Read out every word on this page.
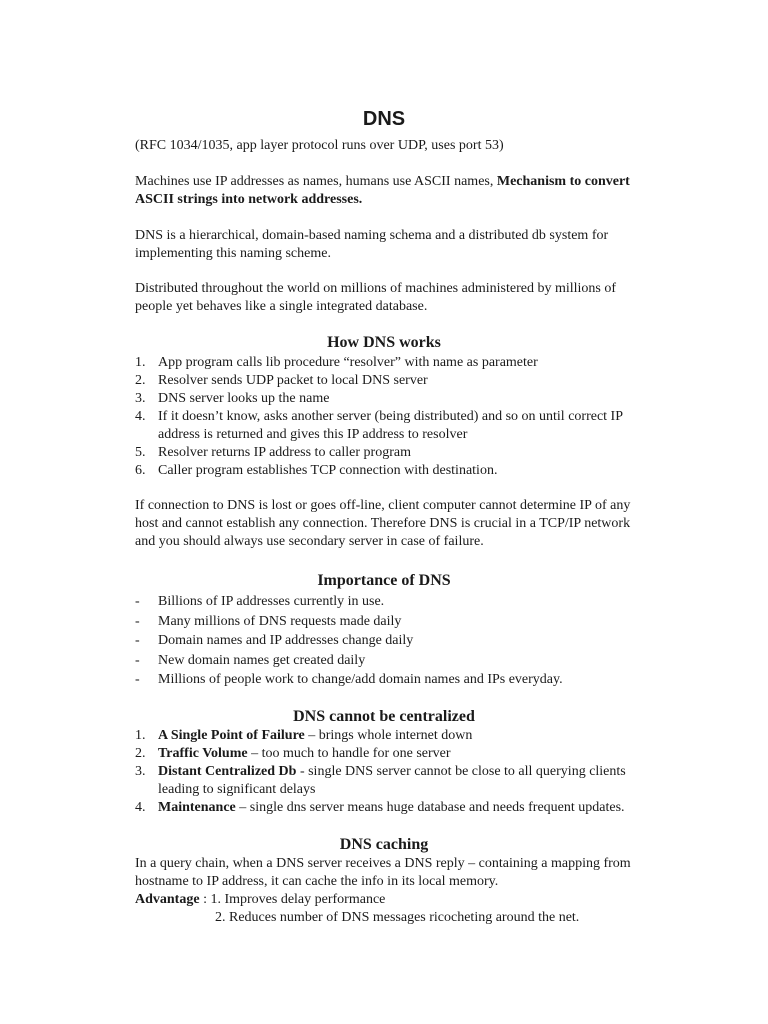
DNS

(RFC 1034/1035, app layer protocol runs over UDP, uses port 53)

Machines use IP addresses as names, humans use ASCII names, Mechanism to convert ASCII strings into network addresses.

DNS is a hierarchical, domain-based naming schema and a distributed db system for implementing this naming scheme.

Distributed throughout the world on millions of machines administered by millions of people yet behaves like a single integrated database.

How DNS works
1. App program calls lib procedure “resolver” with name as parameter
2. Resolver sends UDP packet to local DNS server
3. DNS server looks up the name
4. If it doesn’t know, asks another server (being distributed) and so on until correct IP address is returned and gives this IP address to resolver
5. Resolver returns IP address to caller program
6. Caller program establishes TCP connection with destination.

If connection to DNS is lost or goes off-line, client computer cannot determine IP of any host and cannot establish any connection. Therefore DNS is crucial in a TCP/IP network and you should always use secondary server in case of failure.

Importance of DNS
-	Billions of IP addresses currently in use.
-	Many millions of DNS requests made daily
-	Domain names and IP addresses change daily
-	New domain names get created daily
-	Millions of people work to change/add domain names and IPs everyday.
DNS cannot be centralized
1. A Single Point of Failure – brings whole internet down
2. Traffic Volume – too much to handle for one server
3. Distant Centralized Db - single DNS server cannot be close to all querying clients leading to significant delays
4. Maintenance – single dns server means huge database and needs frequent updates.
DNS caching

In a query chain, when a DNS server receives a DNS reply – containing a mapping from hostname to IP address, it can cache the info in its local memory.

Advantage : 1. Improves delay performance

2. Reduces number of DNS messages ricocheting around the net.
